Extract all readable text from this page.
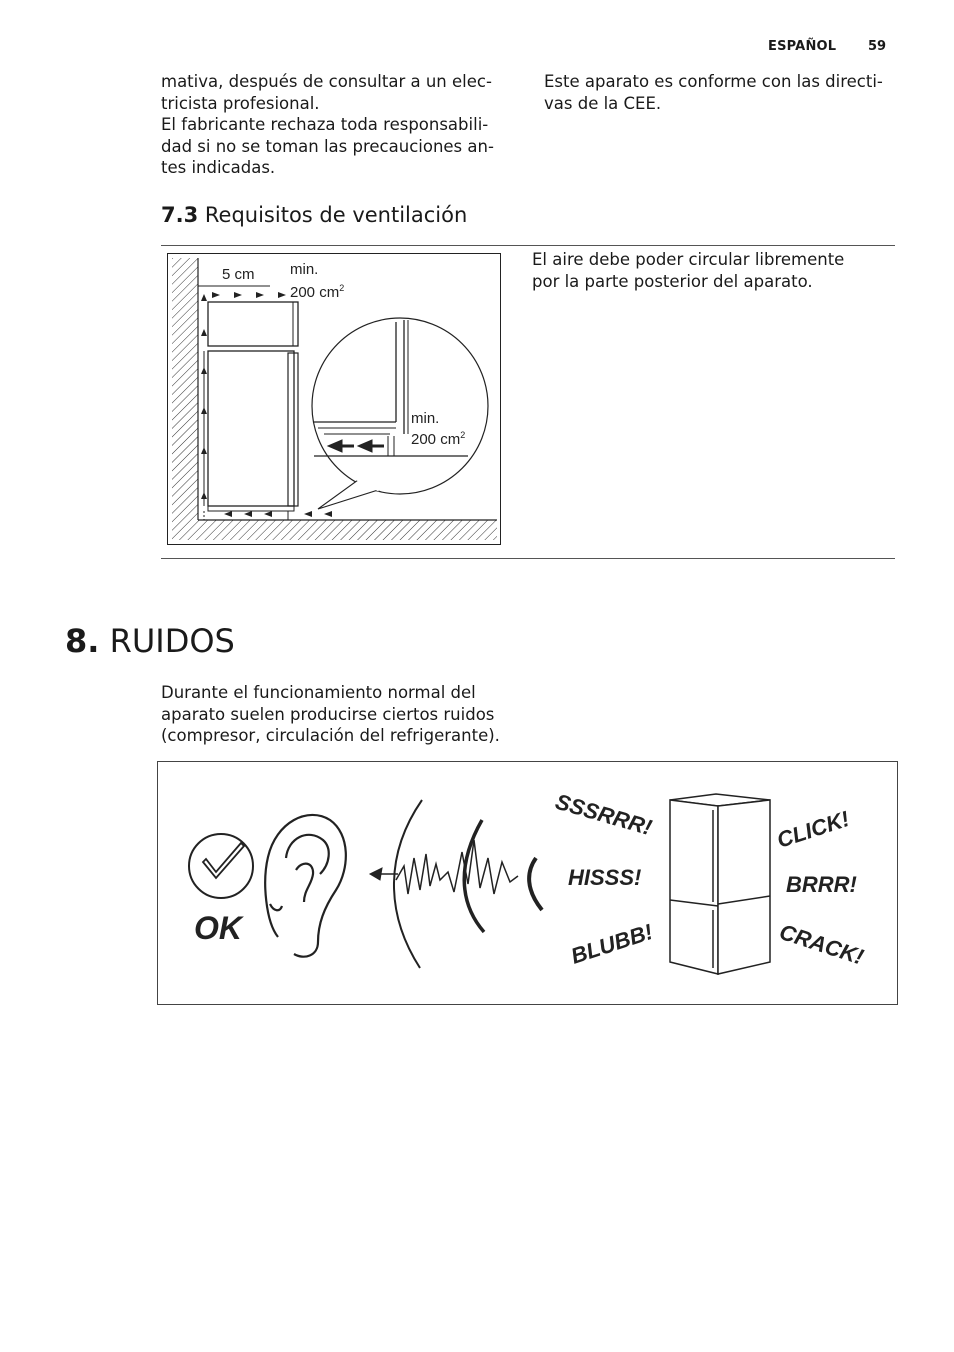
ESPAÑOL 59
mativa, después de consultar a un elec-
tricista profesional.
El fabricante rechaza toda responsabili-
dad si no se toman las precauciones an-
tes indicadas.
Este aparato es conforme con las directi-
vas de la CEE.
7.3 Requisitos de ventilación
5 cm min.
200 $cm^2$
min.
200 $cm^2$
El aire debe poder circular libremente
por la parte posterior del aparato.
8. RUIDOS
Durante el funcionamiento normal del
aparato suelen producirse ciertos ruidos
(compresor, circulación del refrigerante).
OK
SSSRRR!
HISSS!
BLUBB!
CLICK!
BRRR!
CRACK!
